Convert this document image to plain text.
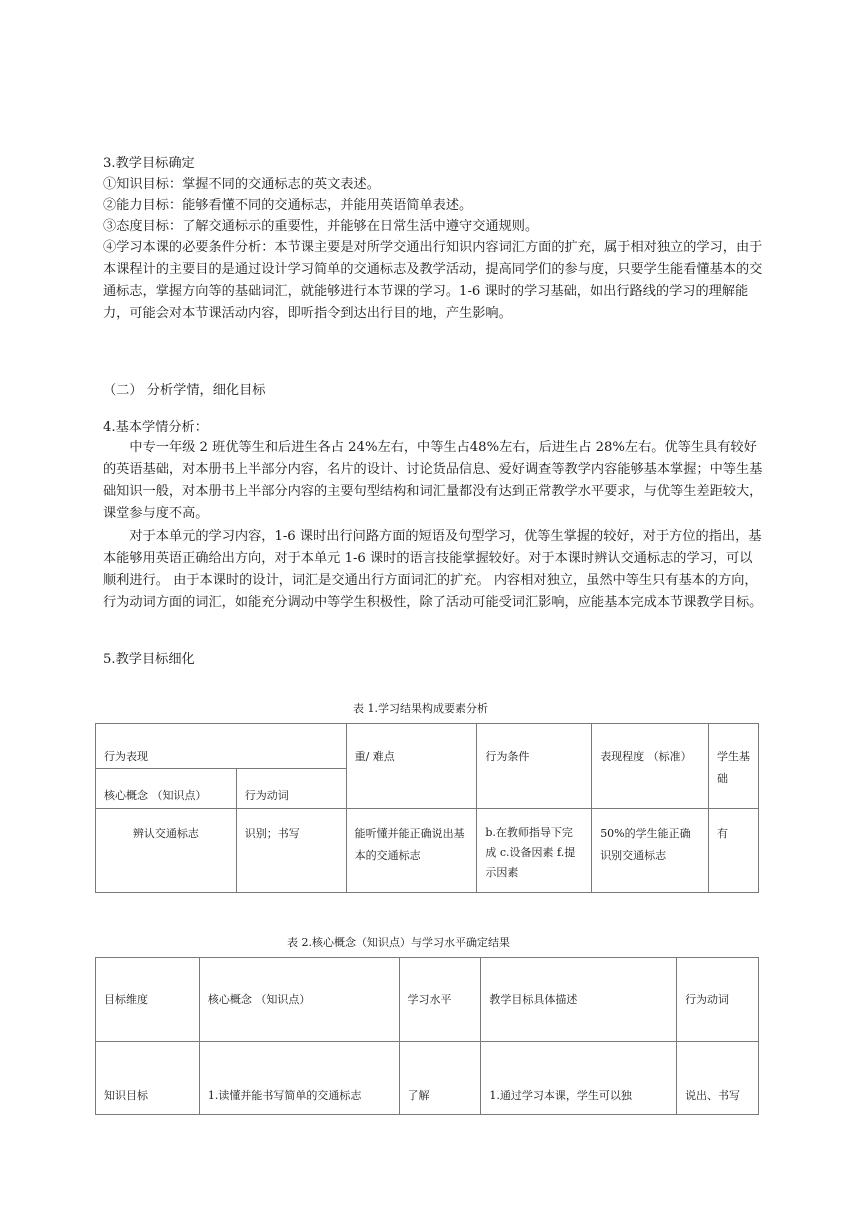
3.教学目标确定
①知识目标：掌握不同的交通标志的英文表述。
②能力目标：能够看懂不同的交通标志，并能用英语简单表述。
③态度目标：了解交通标示的重要性，并能够在日常生活中遵守交通规则。
④学习本课的必要条件分析：本节课主要是对所学交通出行知识内容词汇方面的扩充，属于相对独立的学习，由于本课程计的主要目的是通过设计学习简单的交通标志及教学活动，提高同学们的参与度，只要学生能看懂基本的交通标志，掌握方向等的基础词汇，就能够进行本节课的学习。1-6 课时的学习基础，如出行路线的学习的理解能力，可能会对本节课活动内容，即听指令到达出行目的地，产生影响。
（二） 分析学情，细化目标
4.基本学情分析：
中专一年级 2 班优等生和后进生各占 24%左右，中等生占48%左右，后进生占 28%左右。优等生具有较好的英语基础，对本册书上半部分内容，名片的设计、讨论货品信息、爱好调查等教学内容能够基本掌握；中等生基础知识一般，对本册书上半部分内容的主要句型结构和词汇量都没有达到正常教学水平要求，与优等生差距较大，课堂参与度不高。
对于本单元的学习内容，1-6 课时出行问路方面的短语及句型学习，优等生掌握的较好，对于方位的指出，基本能够用英语正确给出方向，对于本单元 1-6 课时的语言技能掌握较好。对于本课时辨认交通标志的学习，可以顺利进行。 由于本课时的设计，词汇是交通出行方面词汇的扩充。 内容相对独立，虽然中等生只有基本的方向，行为动词方面的词汇，如能充分调动中等学生积极性，除了活动可能受词汇影响，应能基本完成本节课教学目标。
5.教学目标细化
表 1.学习结果构成要素分析
行为表现		重/ 难点	行为条件	表现程度 （标准）	学生基础
核心概念 （知识点）	行为动词				
辨认交通标志	识别；书写	能听懂并能正确说出基本的交通标志	b.在教师指导下完成 c.设备因素 f.提示因素	50%的学生能正确识别交通标志	有
表 2.核心概念（知识点）与学习水平确定结果
目标维度	核心概念 （知识点）	学习水平	教学目标具体描述	行为动词
知识目标	1.读懂并能书写简单的交通标志	了解	1.通过学习本课，学生可以独	说出、书写
